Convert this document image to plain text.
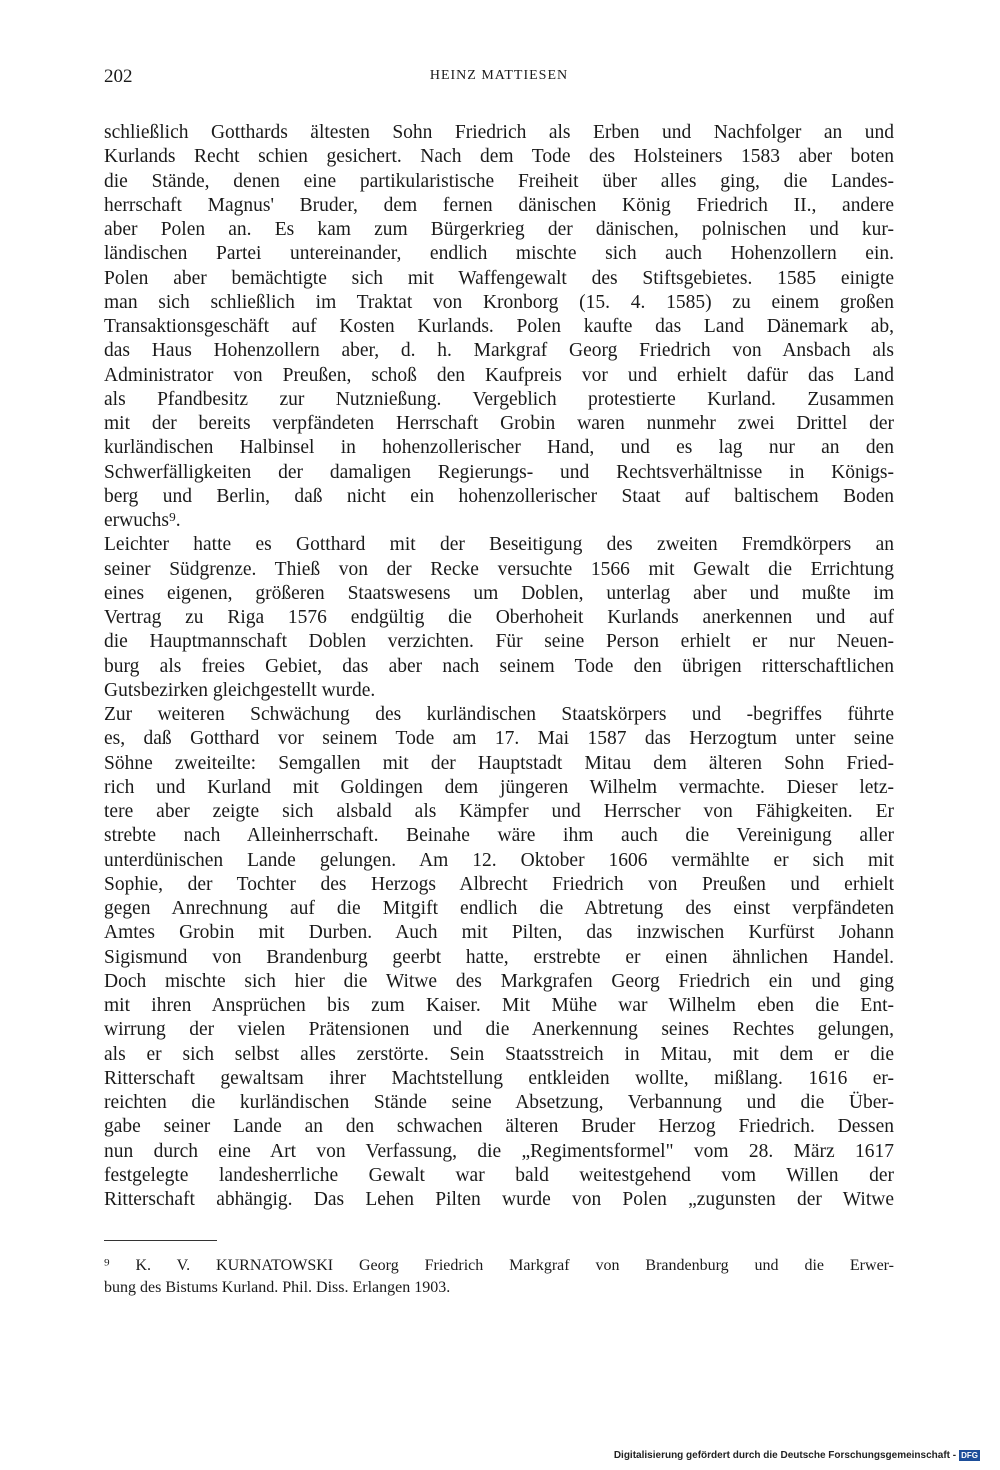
202	HEINZ MATTIESEN
schließlich Gotthards ältesten Sohn Friedrich als Erben und Nachfolger an und
Kurlands Recht schien gesichert. Nach dem Tode des Holsteiners 1583 aber boten
die Stände, denen eine partikularistische Freiheit über alles ging, die Landes-
herrschaft Magnus' Bruder, dem fernen dänischen König Friedrich II., andere
aber Polen an. Es kam zum Bürgerkrieg der dänischen, polnischen und kur-
ländischen Partei untereinander, endlich mischte sich auch Hohenzollern ein.
Polen aber bemächtigte sich mit Waffengewalt des Stiftsgebietes. 1585 einigte
man sich schließlich im Traktat von Kronborg (15. 4. 1585) zu einem großen
Transaktionsgeschäft auf Kosten Kurlands. Polen kaufte das Land Dänemark ab,
das Haus Hohenzollern aber, d. h. Markgraf Georg Friedrich von Ansbach als
Administrator von Preußen, schoß den Kaufpreis vor und erhielt dafür das Land
als Pfandbesitz zur Nutznießung. Vergeblich protestierte Kurland. Zusammen
mit der bereits verpfändeten Herrschaft Grobin waren nunmehr zwei Drittel der
kurländischen Halbinsel in hohenzollerischer Hand, und es lag nur an den
Schwerfälligkeiten der damaligen Regierungs- und Rechtsverhältnisse in Königs-
berg und Berlin, daß nicht ein hohenzollerischer Staat auf baltischem Boden
erwuchs⁹.
Leichter hatte es Gotthard mit der Beseitigung des zweiten Fremdkörpers an
seiner Südgrenze. Thieß von der Recke versuchte 1566 mit Gewalt die Errichtung
eines eigenen, größeren Staatswesens um Doblen, unterlag aber und mußte im
Vertrag zu Riga 1576 endgültig die Oberhoheit Kurlands anerkennen und auf
die Hauptmannschaft Doblen verzichten. Für seine Person erhielt er nur Neuen-
burg als freies Gebiet, das aber nach seinem Tode den übrigen ritterschaftlichen
Gutsbezirken gleichgestellt wurde.
Zur weiteren Schwächung des kurländischen Staatskörpers und -begriffes führte
es, daß Gotthard vor seinem Tode am 17. Mai 1587 das Herzogtum unter seine
Söhne zweiteilte: Semgallen mit der Hauptstadt Mitau dem älteren Sohn Fried-
rich und Kurland mit Goldingen dem jüngeren Wilhelm vermachte. Dieser letz-
tere aber zeigte sich alsbald als Kämpfer und Herrscher von Fähigkeiten. Er
strebte nach Alleinherrschaft. Beinahe wäre ihm auch die Vereinigung aller
unterdünischen Lande gelungen. Am 12. Oktober 1606 vermählte er sich mit
Sophie, der Tochter des Herzogs Albrecht Friedrich von Preußen und erhielt
gegen Anrechnung auf die Mitgift endlich die Abtretung des einst verpfändeten
Amtes Grobin mit Durben. Auch mit Pilten, das inzwischen Kurfürst Johann
Sigismund von Brandenburg geerbt hatte, erstrebte er einen ähnlichen Handel.
Doch mischte sich hier die Witwe des Markgrafen Georg Friedrich ein und ging
mit ihren Ansprüchen bis zum Kaiser. Mit Mühe war Wilhelm eben die Ent-
wirrung der vielen Prätensionen und die Anerkennung seines Rechtes gelungen,
als er sich selbst alles zerstörte. Sein Staatsstreich in Mitau, mit dem er die
Ritterschaft gewaltsam ihrer Machtstellung entkleiden wollte, mißlang. 1616 er-
reichten die kurländischen Stände seine Absetzung, Verbannung und die Über-
gabe seiner Lande an den schwachen älteren Bruder Herzog Friedrich. Dessen
nun durch eine Art von Verfassung, die „Regimentsformel" vom 28. März 1617
festgelegte landesherrliche Gewalt war bald weitestgehend vom Willen der
Ritterschaft abhängig. Das Lehen Pilten wurde von Polen „zugunsten der Witwe
⁹ K. V. KURNATOWSKI Georg Friedrich Markgraf von Brandenburg und die Erwer-
bung des Bistums Kurland. Phil. Diss. Erlangen 1903.
Digitalisierung gefördert durch die Deutsche Forschungsgemeinschaft - DFG
